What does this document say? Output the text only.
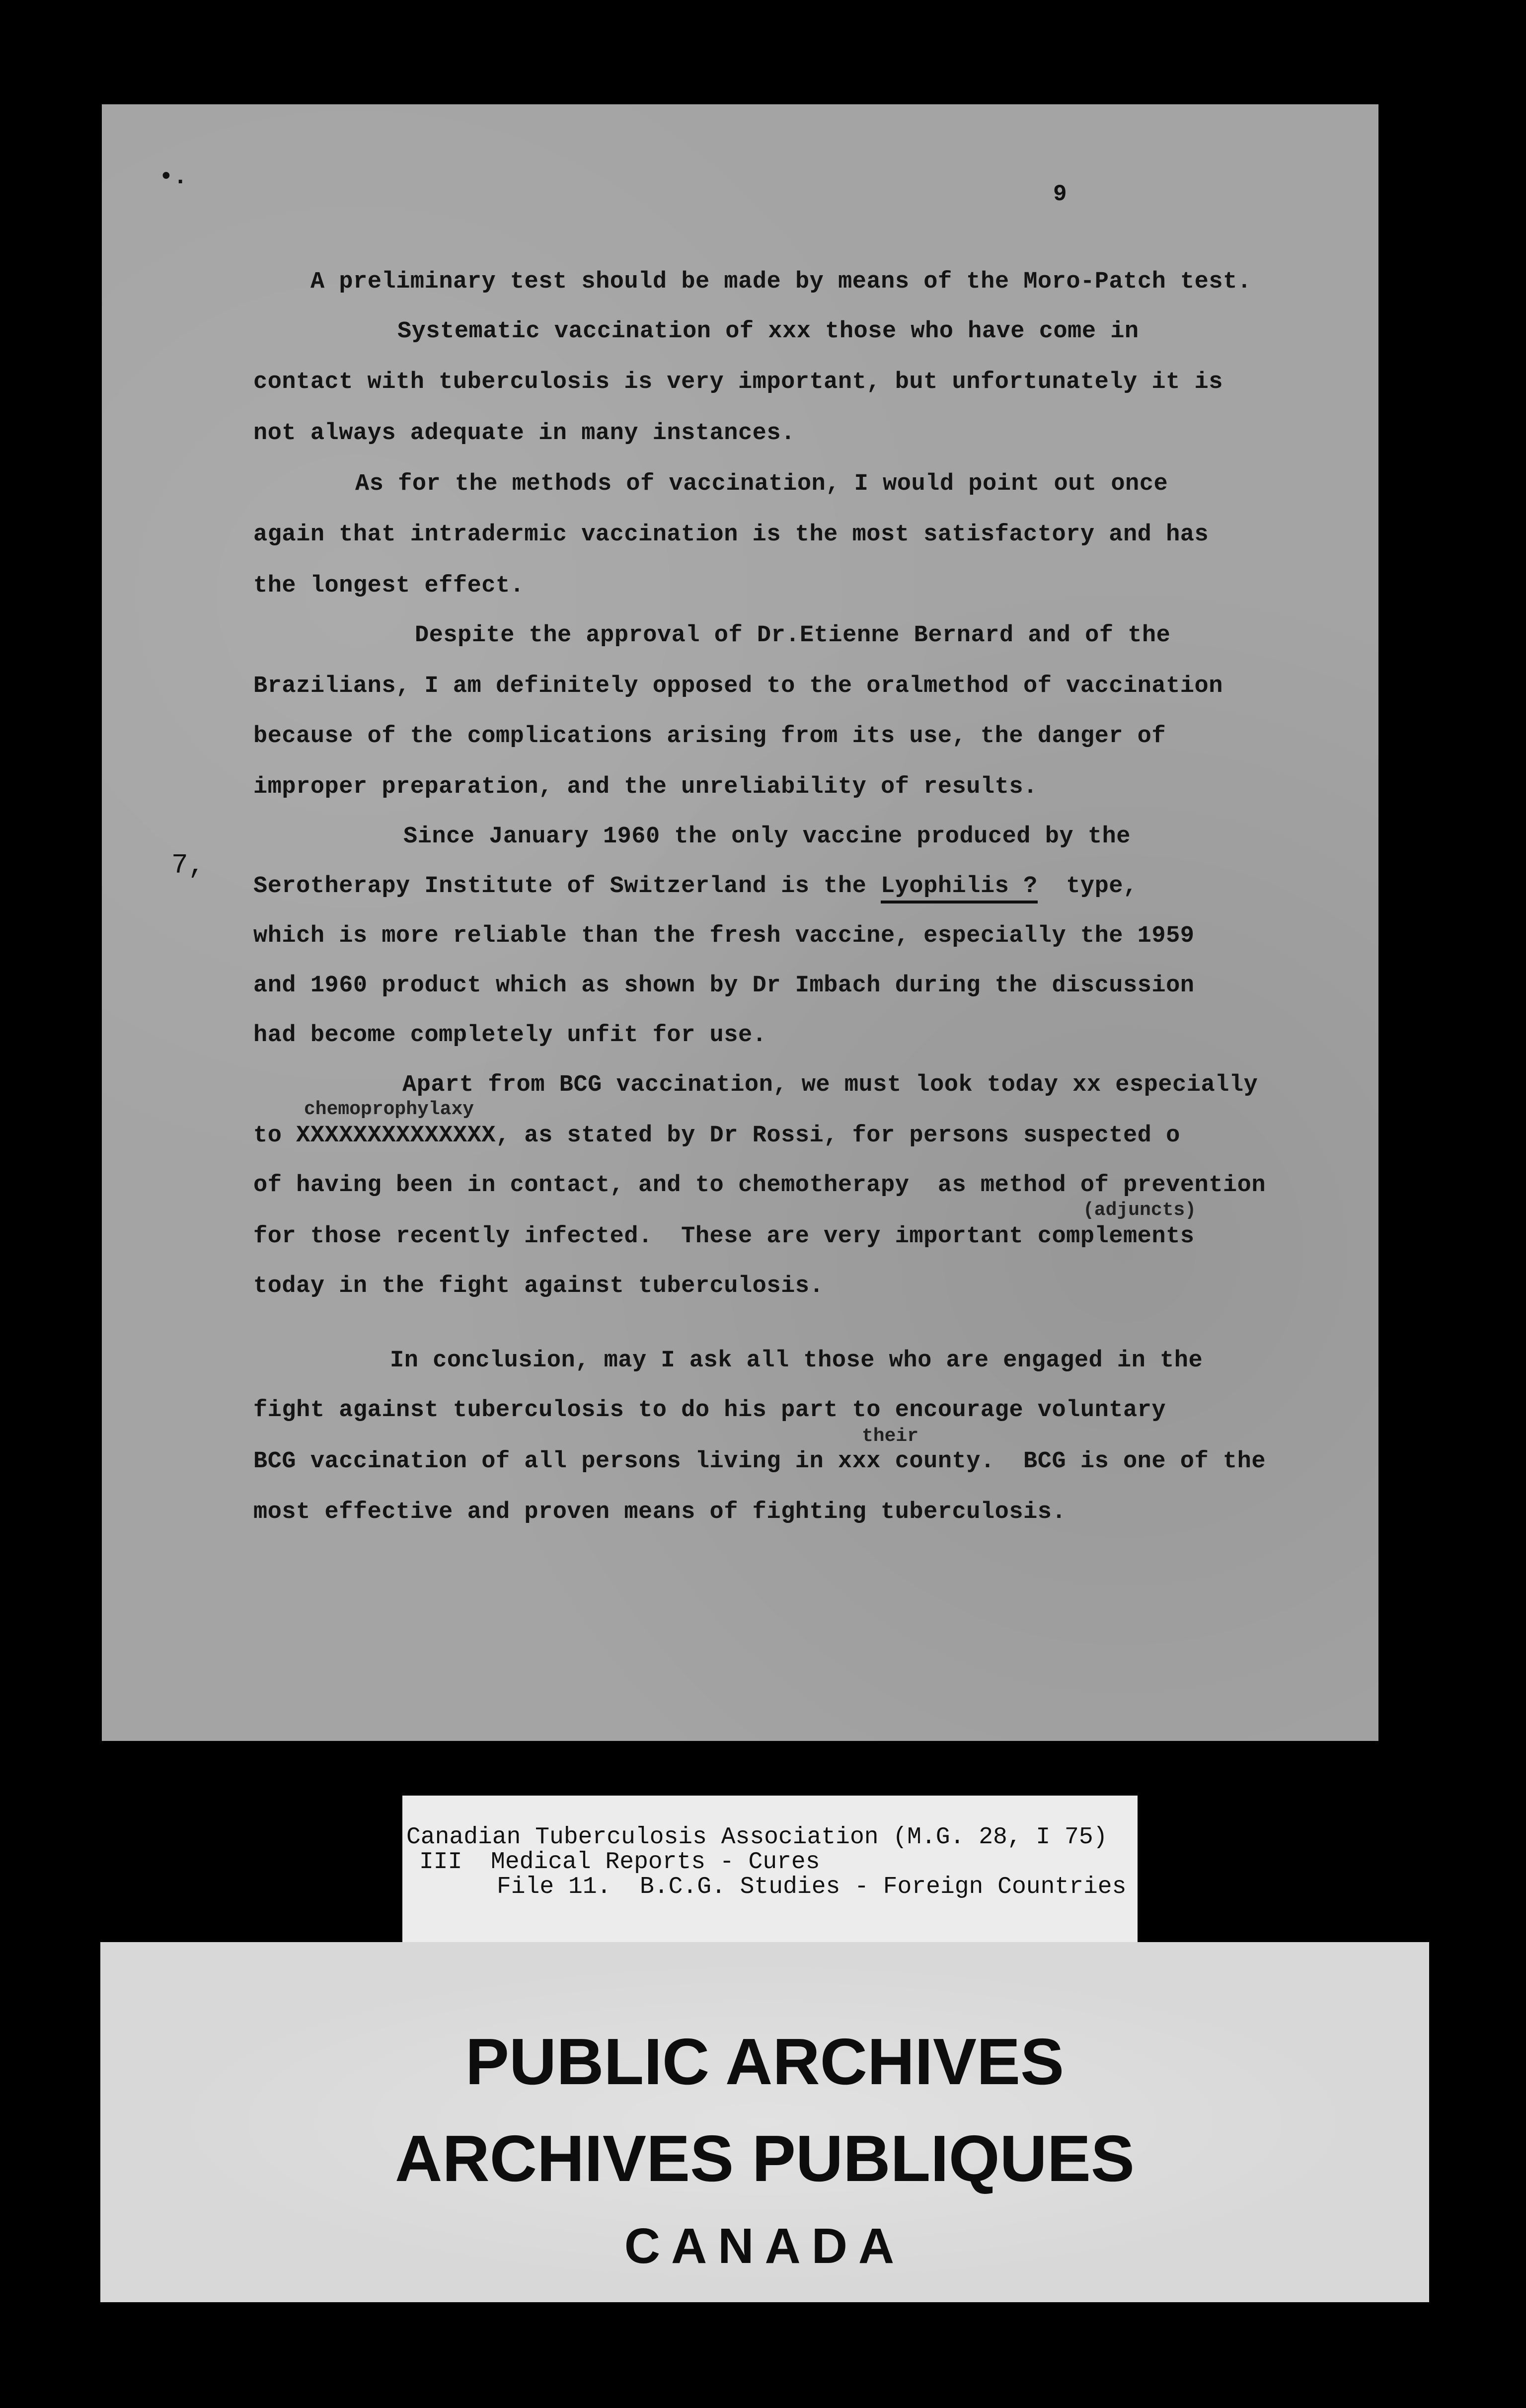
•.
9
7,
A preliminary test should be made by means of the Moro-Patch test.
Systematic vaccination of xxx those who have come in
contact with tuberculosis is very important, but unfortunately it is
not always adequate in many instances.
As for the methods of vaccination, I would point out once
again that intradermic vaccination is the most satisfactory and has
the longest effect.
Despite the approval of Dr.Etienne Bernard and of the
Brazilians, I am definitely opposed to the oralmethod of vaccination
because of the complications arising from its use, the danger of
improper preparation, and the unreliability of results.
Since January 1960 the only vaccine produced by the
Serotherapy Institute of Switzerland is the Lyophilis ?  type,
which is more reliable than the fresh vaccine, especially the 1959
and 1960 product which as shown by Dr Imbach during the discussion
had become completely unfit for use.
Apart from BCG vaccination, we must look today xx especially
chemoprophylaxy
to XXXXXXXXXXXXXX, as stated by Dr Rossi, for persons suspected o
of having been in contact, and to chemotherapy  as method of prevention
(adjuncts)
for those recently infected.  These are very important complements
today in the fight against tuberculosis.
In conclusion, may I ask all those who are engaged in the
fight against tuberculosis to do his part to encourage voluntary
their
BCG vaccination of all persons living in xxx county.  BCG is one of the
most effective and proven means of fighting tuberculosis.
Canadian Tuberculosis Association (M.G. 28, I 75)
III  Medical Reports - Cures
File 11.  B.C.G. Studies - Foreign Countries
PUBLIC ARCHIVES
ARCHIVES PUBLIQUES
CANADA
